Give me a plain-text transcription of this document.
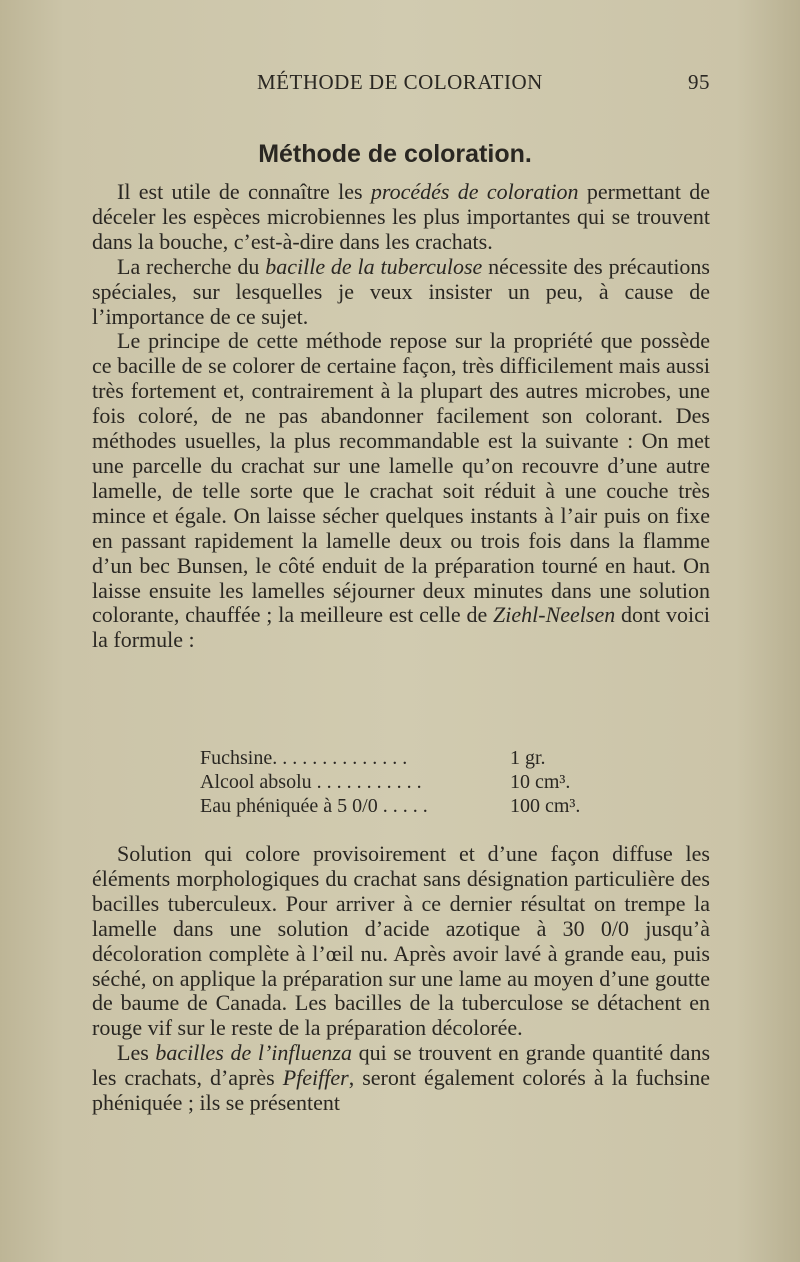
MÉTHODE DE COLORATION	95
Méthode de coloration.

Il est utile de connaître les procédés de coloration permettant de déceler les espèces microbiennes les plus importantes qui se trouvent dans la bouche, c’est-à-dire dans les crachats.

La recherche du bacille de la tuberculose nécessite des précautions spéciales, sur lesquelles je veux insister un peu, à cause de l’importance de ce sujet.

Le principe de cette méthode repose sur la propriété que possède ce bacille de se colorer de certaine façon, très difficilement mais aussi très fortement et, contrairement à la plupart des autres microbes, une fois coloré, de ne pas abandonner facilement son colorant. Des méthodes usuelles, la plus recommandable est la suivante : On met une parcelle du crachat sur une lamelle qu’on recouvre d’une autre lamelle, de telle sorte que le crachat soit réduit à une couche très mince et égale. On laisse sécher quelques instants à l’air puis on fixe en passant rapidement la lamelle deux ou trois fois dans la flamme d’un bec Bunsen, le côté enduit de la préparation tourné en haut. On laisse ensuite les lamelles séjourner deux minutes dans une solution colorante, chauffée ; la meilleure est celle de Ziehl-Neelsen dont voici la formule :

Fuchsine. . . . . . . . . . . . . .	1 gr.
Alcool absolu . . . . . . . . . . .	10 cm³.
Eau phéniquée à 5 0/0 . . . . .	100 cm³.

Solution qui colore provisoirement et d’une façon diffuse les éléments morphologiques du crachat sans désignation particulière des bacilles tuberculeux. Pour arriver à ce dernier résultat on trempe la lamelle dans une solution d’acide azotique à 30 0/0 jusqu’à décoloration complète à l’œil nu. Après avoir lavé à grande eau, puis séché, on applique la préparation sur une lame au moyen d’une goutte de baume de Canada. Les bacilles de la tuberculose se détachent en rouge vif sur le reste de la préparation décolorée.

Les bacilles de l’influenza qui se trouvent en grande quantité dans les crachats, d’après Pfeiffer, seront également colorés à la fuchsine phéniquée ; ils se présentent
